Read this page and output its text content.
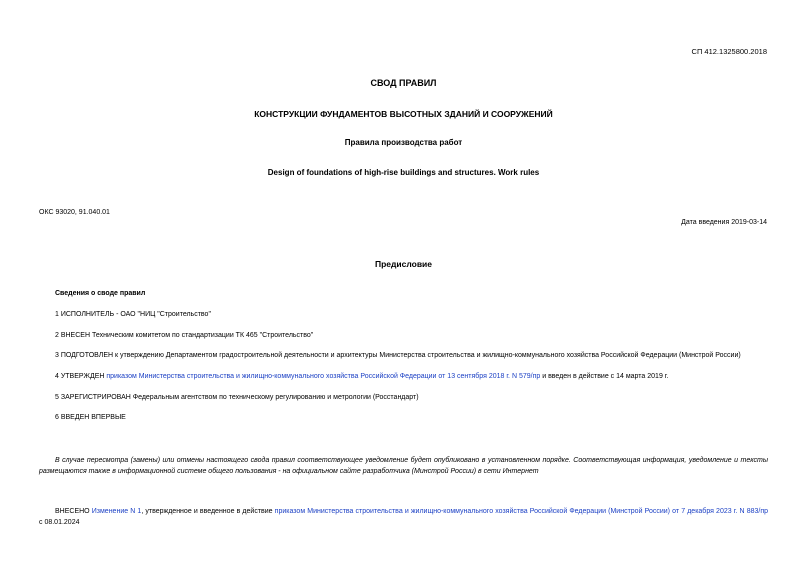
СП 412.1325800.2018
СВОД ПРАВИЛ
КОНСТРУКЦИИ ФУНДАМЕНТОВ ВЫСОТНЫХ ЗДАНИЙ И СООРУЖЕНИЙ
Правила производства работ
Design of foundations of high-rise buildings and structures. Work rules
ОКС 93020, 91.040.01
Дата введения 2019-03-14
Предисловие
Сведения о своде правил
1 ИСПОЛНИТЕЛЬ - ОАО "НИЦ "Строительство"
2 ВНЕСЕН Техническим комитетом по стандартизации ТК 465 "Строительство"
3 ПОДГОТОВЛЕН к утверждению Департаментом градостроительной деятельности и архитектуры Министерства строительства и жилищно-коммунального хозяйства Российской Федерации (Минстрой России)
4 УТВЕРЖДЕН приказом Министерства строительства и жилищно-коммунального хозяйства Российской Федерации от 13 сентября 2018 г. N 579/пр и введен в действие с 14 марта 2019 г.
5 ЗАРЕГИСТРИРОВАН Федеральным агентством по техническому регулированию и метрологии (Росстандарт)
6 ВВЕДЕН ВПЕРВЫЕ
В случае пересмотра (замены) или отмены настоящего свода правил соответствующее уведомление будет опубликовано в установленном порядке. Соответствующая информация, уведомление и тексты размещаются также в информационной системе общего пользования - на официальном сайте разработчика (Минстрой России) в сети Интернет
ВНЕСЕНО Изменение N 1, утвержденное и введенное в действие приказом Министерства строительства и жилищно-коммунального хозяйства Российской Федерации (Минстрой России) от 7 декабря 2023 г. N 883/пр с 08.01.2024
